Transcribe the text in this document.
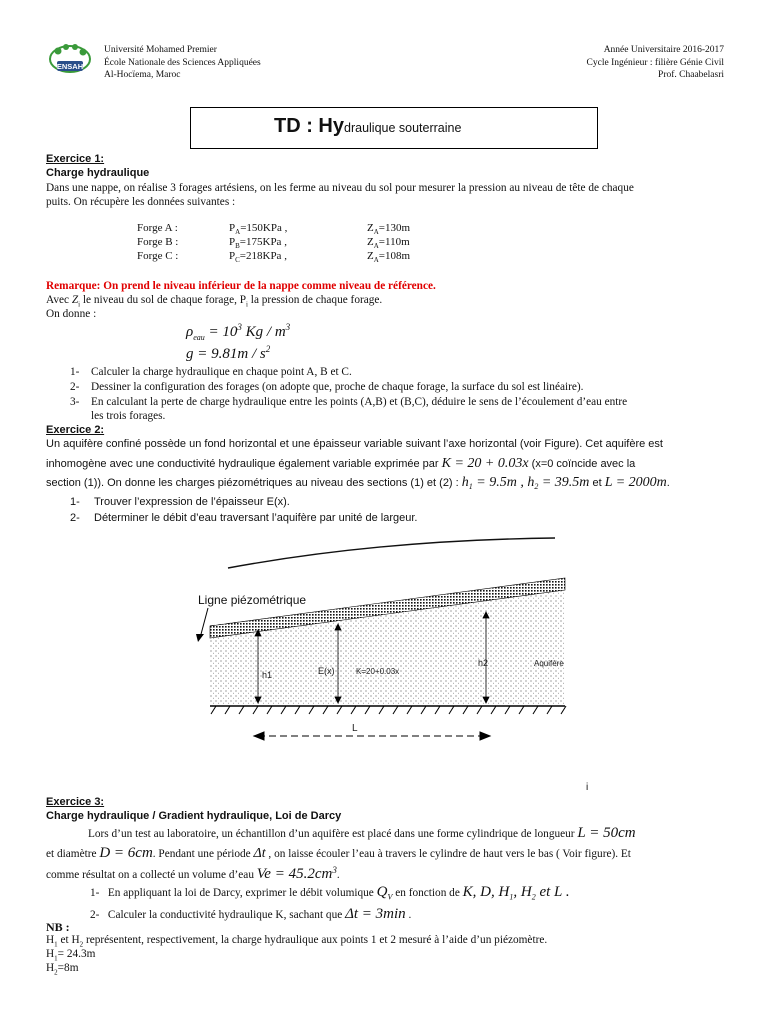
ENSAH
Université Mohamed Premier
École Nationale des Sciences Appliquées
Al-Hocïema, Maroc
Année Universitaire 2016-2017
Cycle Ingénieur : filière Génie Civil
Prof. Chaabelasri
TD : Hydraulique souterraine
Exercice 1:
Charge hydraulique
Dans une nappe, on réalise 3 forages artésiens, on les ferme au niveau du sol pour mesurer la pression au niveau de tête de chaque
puits. On récupère les données suivantes :
Forge A :	$P_A=150KPa$ ,	$Z_A=130m$
Forge B :	$P_B=175KPa$ ,	$Z_A=110m$
Forge C :	$P_C=218KPa$ ,	$Z_A=108m$
Remarque: On prend le niveau inférieur de la nappe comme niveau de référence.
Avec $Z_i$ le niveau du sol de chaque forage, $P_i$ la pression de chaque forage.
On donne :
$\rho_{eau} = 10^3$ Kg / $m^3$
$g = 9.81m / s^2$
1- Calculer la charge hydraulique en chaque point A, B et C.
2- Dessiner la configuration des forages (on adopte que, proche de chaque forage, la surface du sol est linéaire).
3- En calculant la perte de charge hydraulique entre les points (A,B) et (B,C), déduire le sens de l’écoulement d’eau entre
les trois forages.
Exercice 2:
Un aquifère confiné possède un fond horizontal et une épaisseur variable suivant l’axe horizontal (voir Figure). Cet aquifère est
inhomogène avec une conductivité hydraulique également variable exprimée par K = 20 + 0.03x (x=0 coïncide avec la
section (1)). On donne les charges piézométriques au niveau des sections (1) et (2) : $h_1 = 9.5m$ , $h_2 = 39.5m$ et L = 2000m.
1- Trouver l’expression de l’épaisseur E(x).
2- Déterminer le débit d’eau traversant l’aquifère par unité de largeur.
Ligne piézométrique
h1	E(x)	K=20+0.03x
h2	Aquifère
L
i
Exercice 3:
Charge hydraulique / Gradient hydraulique, Loi de Darcy
Lors d’un test au laboratoire, un échantillon d’un aquifère est placé dans une forme cylindrique de longueur L = 50cm
et diamètre D = 6cm. Pendant une période Δt , on laisse écouler l’eau à travers le cylindre de haut vers le bas ( Voir figure). Et
comme résultat on a collecté un volume d’eau $Ve = 45.2cm^3$.
1- En appliquant la loi de Darcy, exprimer le débit volumique $Q_V$ en fonction de K, D, $H_1$, $H_2$ et L .
2- Calculer la conductivité hydraulique K, sachant que Δt = 3min .
NB :
$H_1$ et $H_2$ représentent, respectivement, la charge hydraulique aux points 1 et 2 mesuré à l’aide d’un piézomètre.
$H_1= 24.3m$
$H_2=8m$
